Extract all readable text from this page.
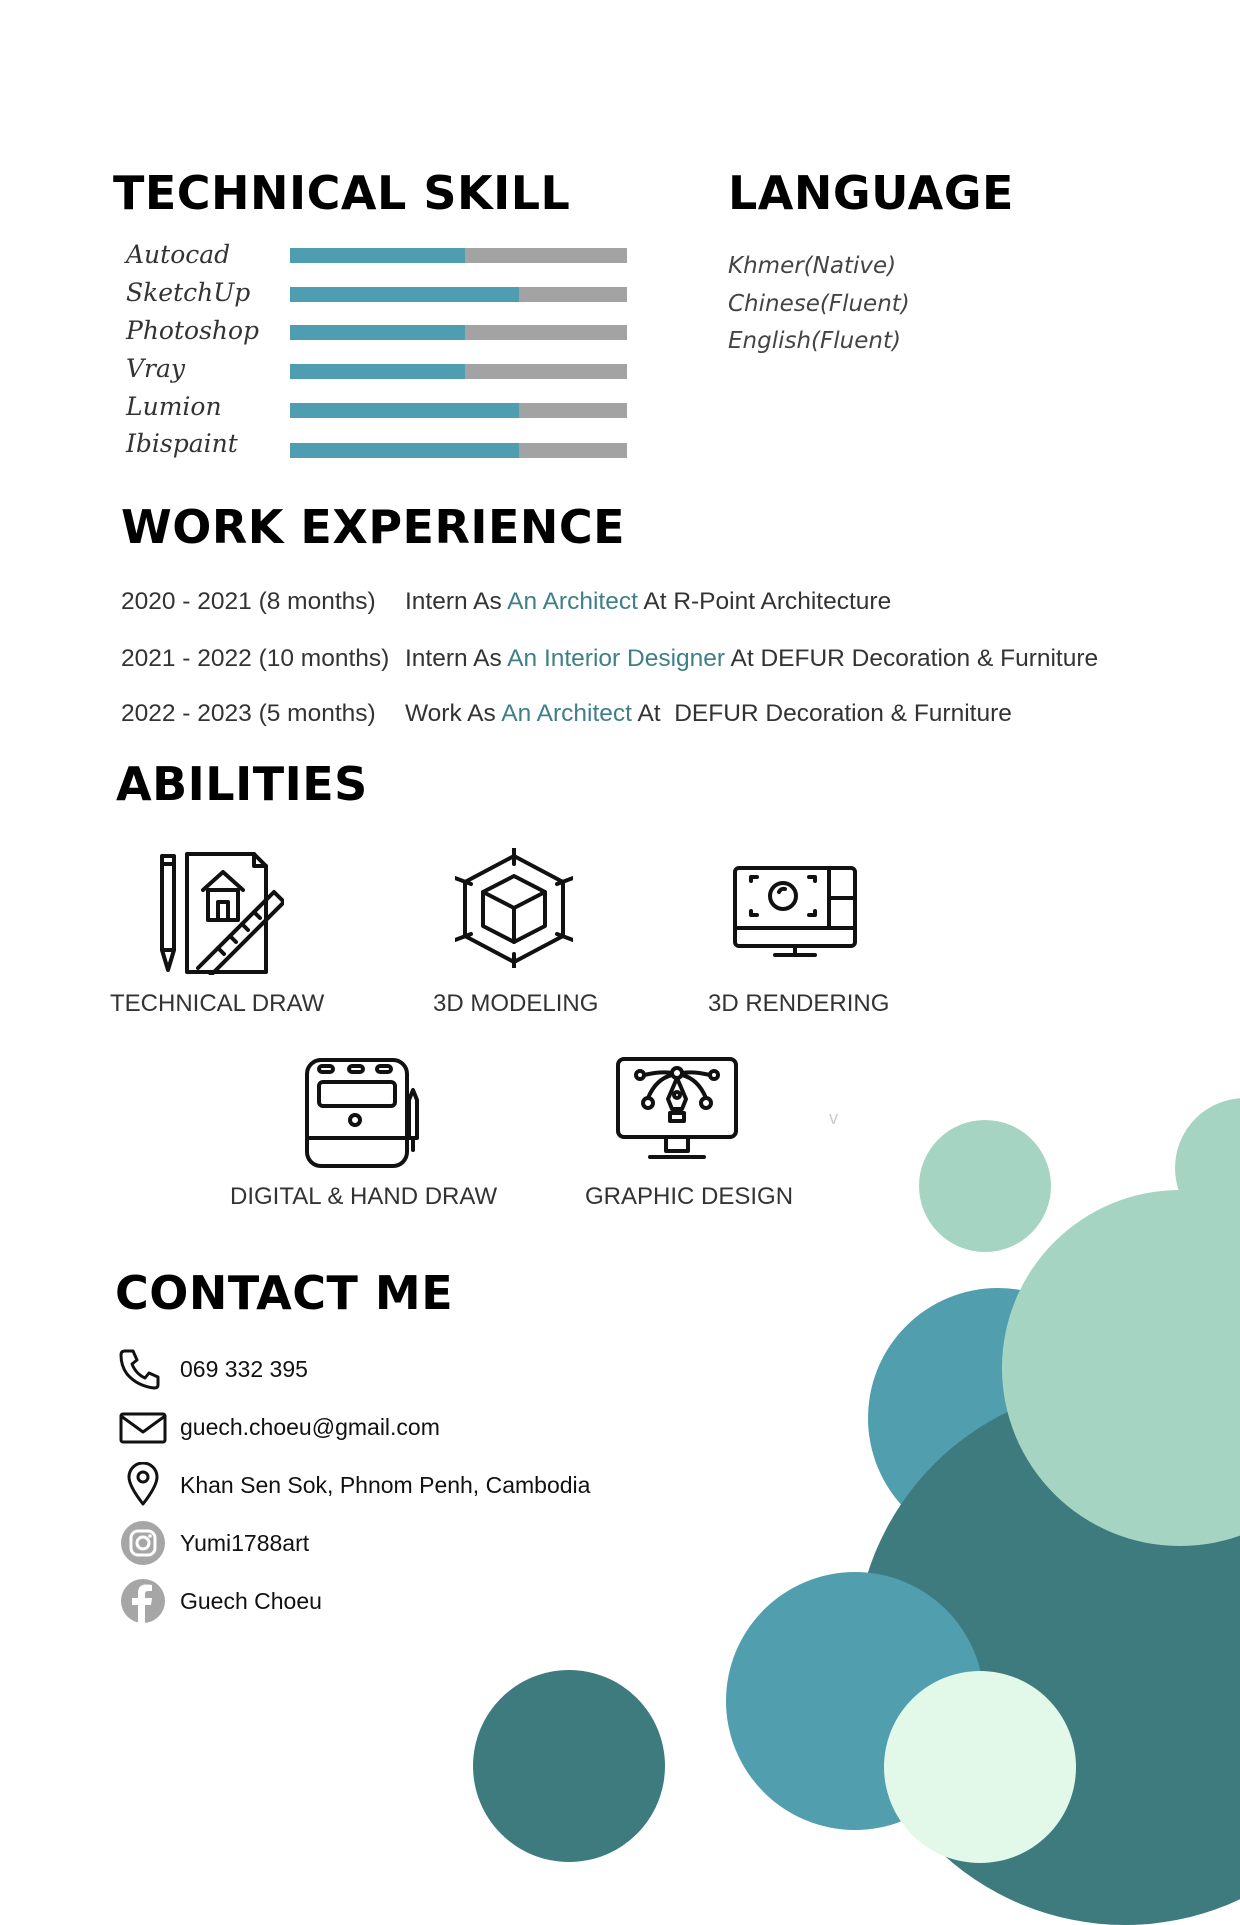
TECHNICAL SKILL
Autocad
SketchUp
Photoshop
Vray
Lumion
Ibispaint
LANGUAGE
Khmer(Native)
Chinese(Fluent)
English(Fluent)
WORK EXPERIENCE
2020 - 2021 (8 months) Intern As An Architect At R-Point Architecture
2021 - 2022 (10 months) Intern As An Interior Designer At DEFUR Decoration & Furniture
2022 - 2023 (5 months) Work As An Architect At  DEFUR Decoration & Furniture
ABILITIES
TECHNICAL DRAW	3D MODELING	3D RENDERING
DIGITAL & HAND DRAW	GRAPHIC DESIGN
v
CONTACT ME
069 332 395
guech.choeu@gmail.com
Khan Sen Sok, Phnom Penh, Cambodia
Yumi1788art
Guech Choeu
